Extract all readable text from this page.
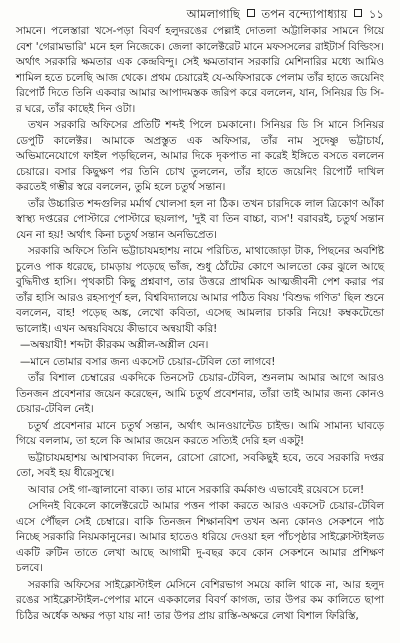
আমলাগাছি তপন বন্দ্যোপাধ্যায় ১১

সামনে। পলেস্তারা খসে-পড়া বিবর্ণ হলুদরঙের পেল্লাই দোতলা অট্টালিকার সামনে গিয়ে বেশ 'গেরামভারি' মনে হল নিজেকে। জেলা কালেক্টরেট মানে মফসসলের রাইটার্স বিল্ডিংস। অর্থাৎ সরকারি ক্ষমতার এক কেন্দ্রবিন্দু। সেই ক্ষমতাবান সরকারি মেশিনারির মধ্যে আমিও শামিল হতে চলেছি আজ থেকে। প্রথম চেয়ারেই যে-অফিসারকে পেলাম তাঁর হাতে জয়েনিং রিপোর্ট দিতে তিনি একবার আমার আপাদমস্তক জরিপ করে বললেন, যান, সিনিয়র ডি সি-র ঘরে, তাঁর কাছেই দিন ওটা।

তখন সরকারি অফিসের প্রতিটি শব্দই পিলে চমকানো। সিনিয়র ডি সি মানে সিনিয়র ডেপুটি কালেক্টর। আমাকে অপ্রস্তুত এক অফিসার, তাঁর নাম সুদেষ্ণু ভট্টাচার্য, অভিমানেযোগে ফাইল পড়ছিলেন, আমার দিকে দৃকপাত না করেই ইঙ্গিতে বসতে বললেন চেয়ারে। বসার কিছুক্ষণ পর তিনি চোখ তুললেন, তাঁর হাতে জয়েনিং রিপোর্ট দাখিল করতেই গম্ভীর স্বরে বললেন, তুমি হলে চতুর্থ সন্তান।

তাঁর উচ্চারিত শব্দগুলির মর্মার্থ খোলসা হল না ঠিক। তখন চারদিকে লাল ত্রিকোণ আঁকা স্বাস্থ্য দপ্তরের পোস্টারে পোস্টারে ছয়লাপ, 'দুই বা তিন বাচ্চা, ব্যস'! বরাবরই, চতুর্থ সন্তান যেন না হয়! অর্থাৎ কিনা চতুর্থ সন্তান অনভিপ্রেত।

সরকারি অফিসে তিনি ভট্টাচাযমহাশয় নামে পরিচিত, মাথাজোড়া টাক, পিছনের অবশিষ্ট চুলেও পাক ধরেছে, চামড়ায় পড়েছে ভাঁজ, শুধু ঠোঁটের কোণে আলতো কের ঝুলে আছে বুদ্ধিদীপ্ত হাসি। পৃথকাচী কিছু প্রশ্নবাণ, তার উত্তরে প্রাথমিক আত্মজীবনী পেশ করার পর তাঁর হাসি আরও রহস্যপূর্ণ হল, বিশ্ববিদ্যালয়ে আমার পঠিত বিষয় 'বিশুদ্ধ গণিত' ছিল শুনে বললেন, বাহ! পড়েছ অঙ্ক, লেখো কবিতা, এসেছ আমলার চাকরি নিয়ে! কম্বকটেন্ডো ভালোই। এখন অন্বয়বিষয়ে কীভাবে অন্বয়াযী করি!

—অন্বয়াযী! শব্দটা কীরকম অশ্লীল-অশ্লীল যেন।

—মানে তোমার বসার জন্য একসেট চেয়ার-টেবিল তো লাগবে!

তাঁর বিশাল চেম্বারের একদিকে তিনসেট চেয়ার-টেবিল, শুনলাম আমার আগে আরও তিনজন প্রবেশনার জয়েন করেছেন, আমি চতুর্থ প্রবেশনার, তাঁরা তাই আমার জন্য কোনও চেয়ার-টেবিল নেই।

চতুর্থ প্রবেশনার মানে চতুর্থ সন্তান, অর্থাৎ আনওয়ান্টেড চাইল্ড। আমি সামান্য ঘাবড়ে গিয়ে বললাম, তা হলে কি আমার জয়েন করতে সত্যিই দেরি হল একটু!

ভট্টাচাযমহাশয় আশ্বাসবাক্য দিলেন, রোসো রোসো, সবকিছুই হবে, তবে সরকারি দপ্তর তো, সবই হয় ধীরেসুস্থে।

আবার সেই গা-জ্বালানো বাক্য। তার মানে সরকারি কর্মকাণ্ড এভাবেই রয়েবসে চলে!

সেদিনই বিকেলে কালেক্টরেটে আমার পত্তন পাকা করতে আরও একসেট চেয়ার-টেবিল এসে পৌঁছল সেই চেম্বারে। বাকি তিনজন শিক্ষানবিশ তখন অন্য কোনও সেকশনে পাঠ নিচ্ছে সরকারি নিয়মকানুনের। আমার হাতেও ধরিয়ে দেওয়া হল পাঁচপৃষ্ঠার সাইক্লোস্টাইলড একটি রুটিন তাতে লেখা আছে আগামী দু-বছর কবে কোন সেকশনে আমার প্রশিক্ষণ চলবে।

সরকারি অফিসের সাইক্লোস্টাইল মেসিনে বেশিরভাগ সময়ে কালি থাকে না, আর হলুদ রঙের সাইক্লোস্টাইল-পেপার মানে এককালের বিবর্ণ কাগজ, তার উপর কম কালিতে ছাপা চিঠির অর্ধেক অক্ষর পড়া যায় না! তার উপর প্রায় রাস্তি-অক্ষরে লেখা বিশাল ফিরিস্তি,
